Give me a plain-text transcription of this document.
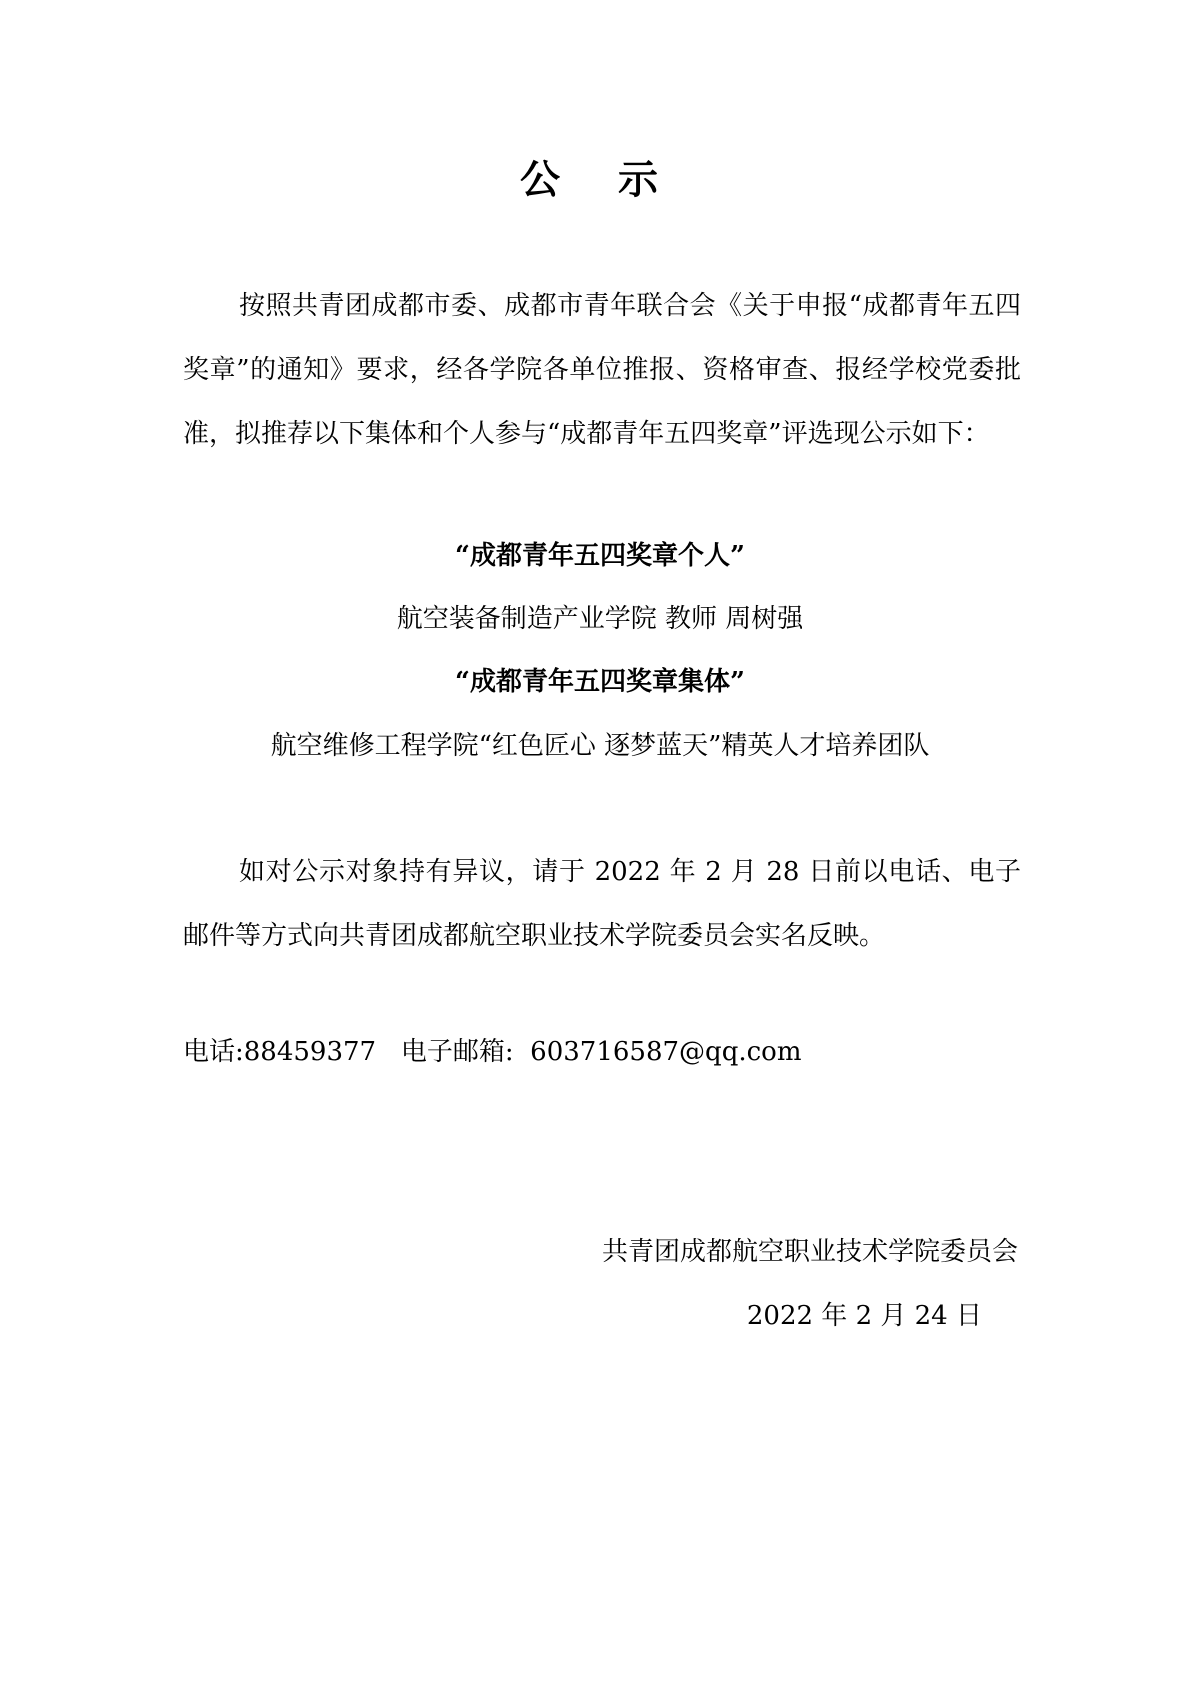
公 示
按照共青团成都市委、成都市青年联合会《关于申报“成都青年五四奖章”的通知》要求，经各学院各单位推报、资格审查、报经学校党委批准，拟推荐以下集体和个人参与“成都青年五四奖章”评选现公示如下：
“成都青年五四奖章个人”
航空装备制造产业学院 教师 周树强
“成都青年五四奖章集体”
航空维修工程学院“红色匠心 逐梦蓝天”精英人才培养团队
如对公示对象持有异议，请于 2022 年 2 月 28 日前以电话、电子邮件等方式向共青团成都航空职业技术学院委员会实名反映。
电话:88459377   电子邮箱:  603716587@qq.com
共青团成都航空职业技术学院委员会
2022 年 2 月 24 日
